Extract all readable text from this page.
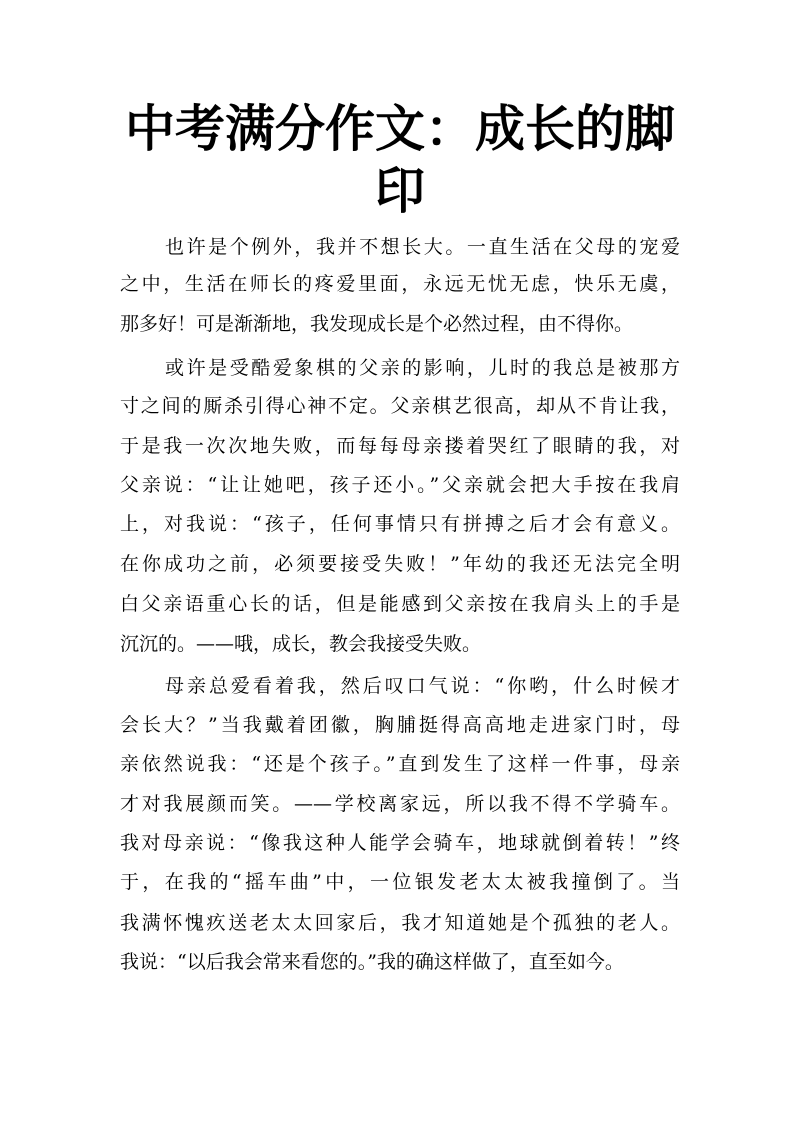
中考满分作文：成长的脚
印
也许是个例外，我并不想长大。一直生活在父母的宠爱
之中，生活在师长的疼爱里面，永远无忧无虑，快乐无虞，
那多好！可是渐渐地，我发现成长是个必然过程，由不得你。
或许是受酷爱象棋的父亲的影响，儿时的我总是被那方
寸之间的厮杀引得心神不定。父亲棋艺很高，却从不肯让我，
于是我一次次地失败，而每每母亲搂着哭红了眼睛的我，对
父亲说：“让让她吧，孩子还小。”父亲就会把大手按在我肩
上，对我说：“孩子，任何事情只有拼搏之后才会有意义。
在你成功之前，必须要接受失败！”年幼的我还无法完全明
白父亲语重心长的话，但是能感到父亲按在我肩头上的手是
沉沉的。——哦，成长，教会我接受失败。
母亲总爱看着我，然后叹口气说：“你哟，什么时候才
会长大？”当我戴着团徽，胸脯挺得高高地走进家门时，母
亲依然说我：“还是个孩子。”直到发生了这样一件事，母亲
才对我展颜而笑。——学校离家远，所以我不得不学骑车。
我对母亲说：“像我这种人能学会骑车，地球就倒着转！”终
于，在我的“摇车曲”中，一位银发老太太被我撞倒了。当
我满怀愧疚送老太太回家后，我才知道她是个孤独的老人。
我说：“以后我会常来看您的。”我的确这样做了，直至如今。
